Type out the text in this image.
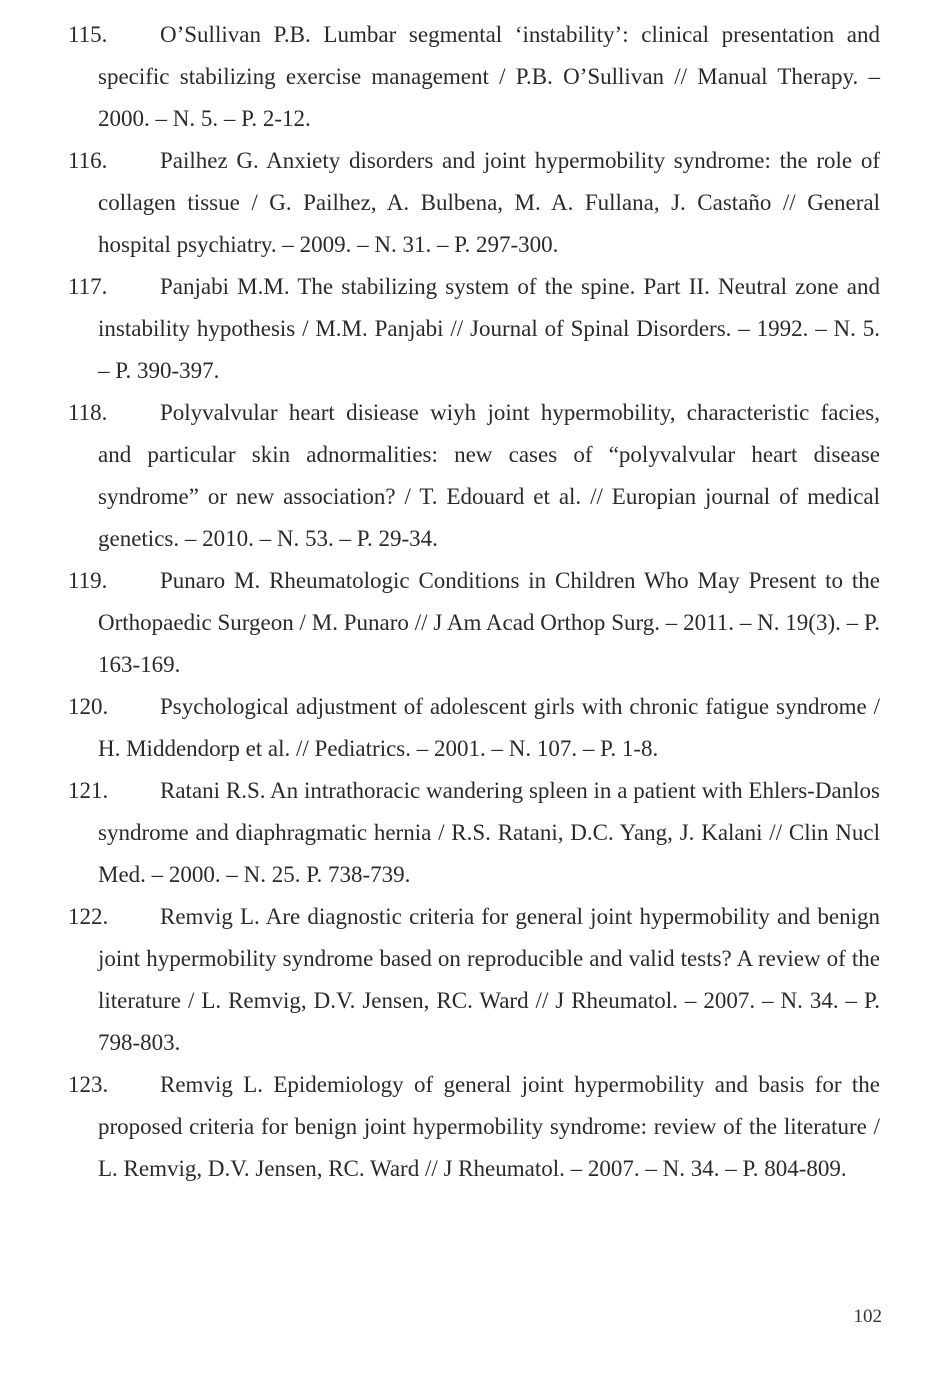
115. O’Sullivan P.B. Lumbar segmental ‘instability’: clinical presentation and specific stabilizing exercise management / P.B. O’Sullivan // Manual Therapy. – 2000. – N. 5. – P. 2-12.

116. Pailhez G. Anxiety disorders and joint hypermobility syndrome: the role of collagen tissue / G. Pailhez, A. Bulbena, M. A. Fullana, J. Castaño // General hospital psychiatry. – 2009. – N. 31. – P. 297-300.

117. Panjabi M.M. The stabilizing system of the spine. Part II. Neutral zone and instability hypothesis / M.M. Panjabi // Journal of Spinal Disorders. – 1992. – N. 5. – P. 390-397.

118. Polyvalvular heart disiease wiyh joint hypermobility, characteristic facies, and particular skin adnormalities: new cases of “polyvalvular heart disease syndrome” or new association? / T. Edouard et al. // Europian journal of medical genetics. – 2010. – N. 53. – P. 29-34.

119. Punaro M. Rheumatologic Conditions in Children Who May Present to the Orthopaedic Surgeon / M. Punaro // J Am Acad Orthop Surg. – 2011. – N. 19(3). – P. 163-169.

120. Psychological adjustment of adolescent girls with chronic fatigue syndrome / H. Middendorp et al. // Pediatrics. – 2001. – N. 107. – P. 1-8.

121. Ratani R.S. An intrathoracic wandering spleen in a patient with Ehlers-Danlos syndrome and diaphragmatic hernia / R.S. Ratani, D.C. Yang, J. Kalani // Clin Nucl Med. – 2000. – N. 25. P. 738-739.

122. Remvig L. Are diagnostic criteria for general joint hypermobility and benign joint hypermobility syndrome based on reproducible and valid tests? A review of the literature / L. Remvig, D.V. Jensen, RC. Ward // J Rheumatol. – 2007. – N. 34. – P. 798-803.

123. Remvig L. Epidemiology of general joint hypermobility and basis for the proposed criteria for benign joint hypermobility syndrome: review of the literature / L. Remvig, D.V. Jensen, RC. Ward // J Rheumatol. – 2007. – N. 34. – P. 804-809.

102
